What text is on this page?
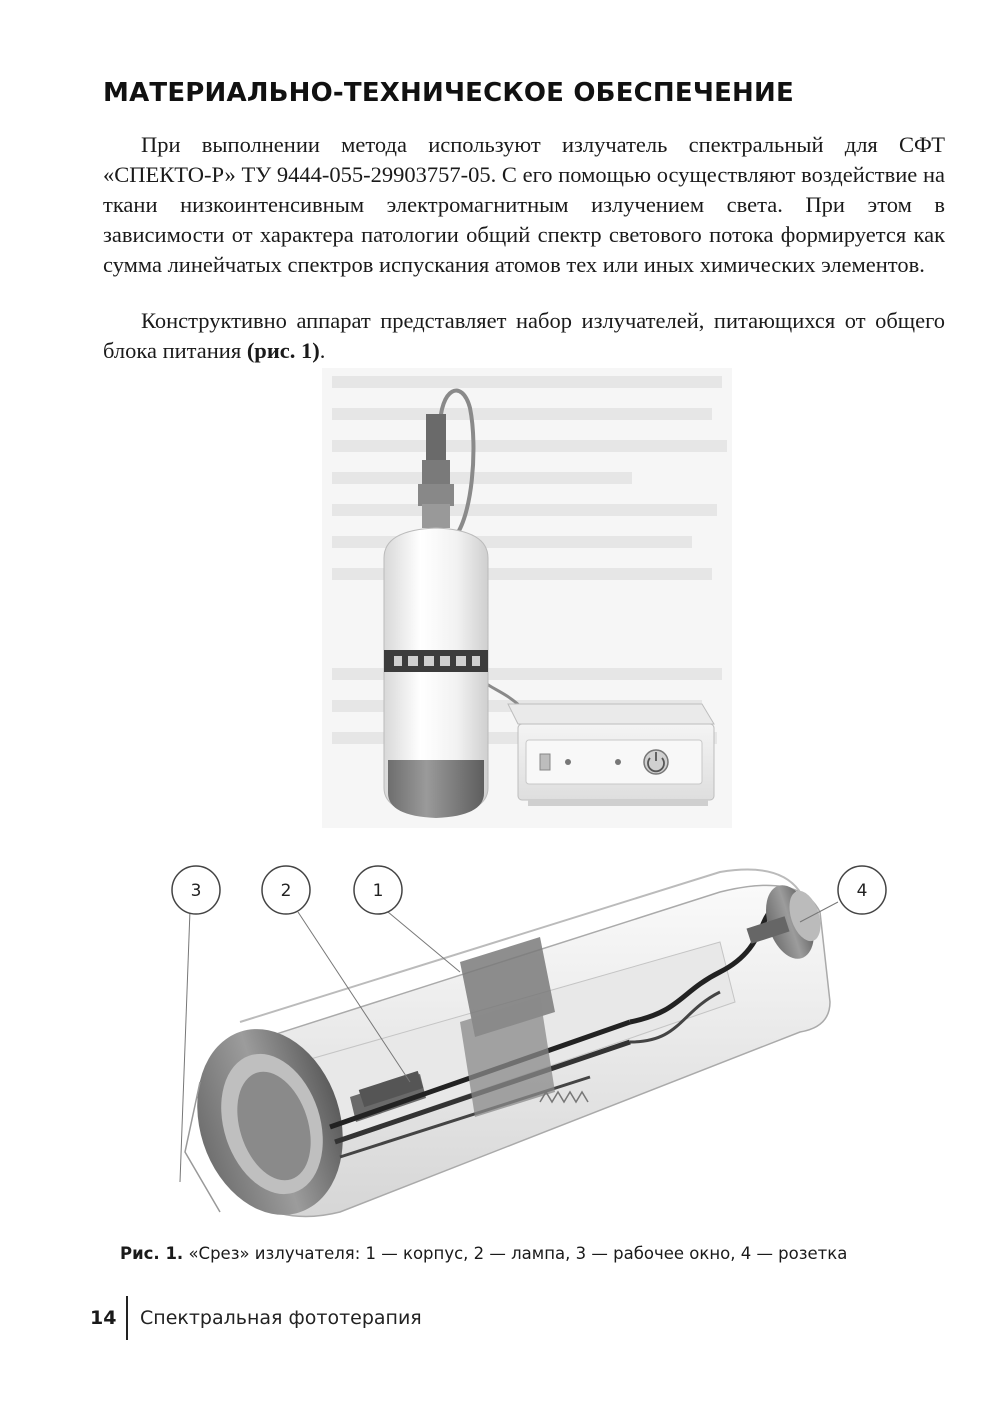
МАТЕРИАЛЬНО-ТЕХНИЧЕСКОЕ ОБЕСПЕЧЕНИЕ

При выполнении метода используют излучатель спектральный для СФТ «СПЕКТО-Р» ТУ 9444-055-29903757-05. С его помощью осуществляют воздействие на ткани низкоинтенсивным электромагнитным излучением света. При этом в зависимости от характера патологии общий спектр светового потока формируется как сумма линейчатых спектров испускания атомов тех или иных химических элементов.

Конструктивно аппарат представляет набор излучателей, питающихся от общего блока питания (рис. 1).

3	2	1	4
Рис. 1. «Срез» излучателя: 1 — корпус, 2 — лампа, 3 — рабочее окно, 4 — розетка
14	Спектральная фототерапия
